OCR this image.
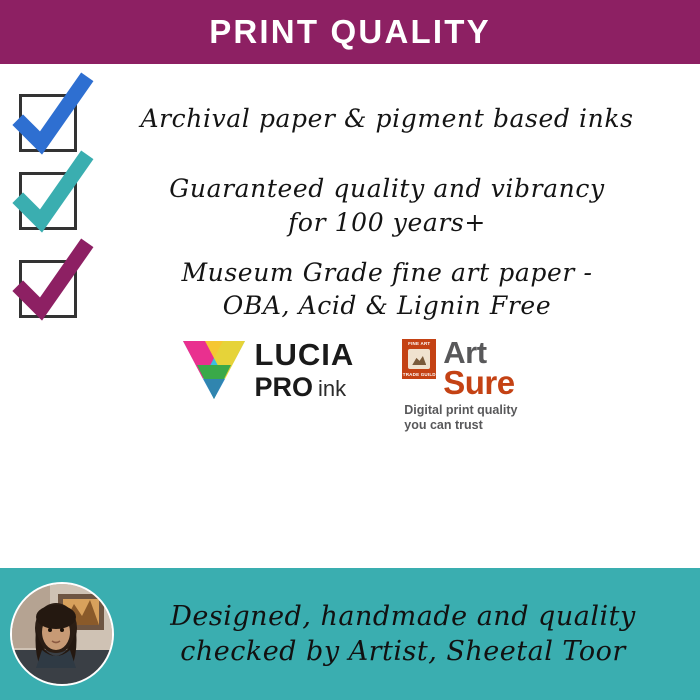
PRINT QUALITY
Archival paper & pigment based inks
Guaranteed quality and vibrancy
for 100 years+
Museum Grade fine art paper -
OBA, Acid & Lignin Free
LUCIA
PRO ink
FINE ART
TRADE GUILD
Art
Sure
Digital print quality
you can trust
Designed, handmade and quality
checked by Artist, Sheetal Toor
